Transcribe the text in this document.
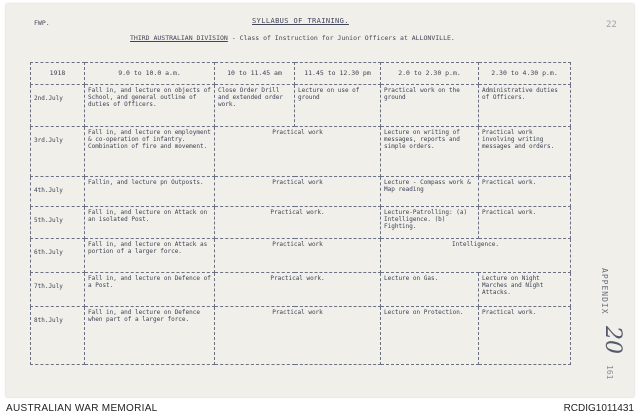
FWP.	SYLLABUS OF TRAINING.
THIRD AUSTRALIAN DIVISION - Class of Instruction for Junior Officers at ALLONVILLE.
22
1918	9.0 to 10.0 a.m.	10 to 11.45 am	11.45 to 12.30 pm	2.0 to 2.30 p.m.	2.30 to 4.30 p.m.
2nd.July	Fall in, and lecture on objects of School, and general outline of duties of Officers.	Close Order Drill and extended order work.	Lecture on use of ground	Practical work on the ground	Administrative duties of Officers.
3rd.July	Fall in, and lecture on employment & co-operation of infantry. Combination of fire and movement.	Practical work		Lecture on writing of messages, reports and simple orders.	Practical work involving writing messages and orders.
4th.July	Fallin, and lecture pn Outposts.	Practical work		Lecture - Compass work & Map reading	Practical work.
5th.July	Fall in, and lecture on Attack on an isolated Post.	Practical work.		Lecture-Patrolling: (a) Intelligence. (b) Fighting.	Practical work.
6th.July	Fall in, and lecture on Attack as portion of a larger force.	Practical work		Intelligence.	
7th.July	Fall in, and lecture on Defence of a Post.	Practical work.		Lecture on Gas.	Lecture on Night Marches and Night Attacks.
8th.July	Fall in, and lecture on Defence when part of a larger force.	Practical work		Lecture on Protection.	Practical work.	APPENDIX
20
161
AUSTRALIAN WAR MEMORIAL	RCDIG1011431
